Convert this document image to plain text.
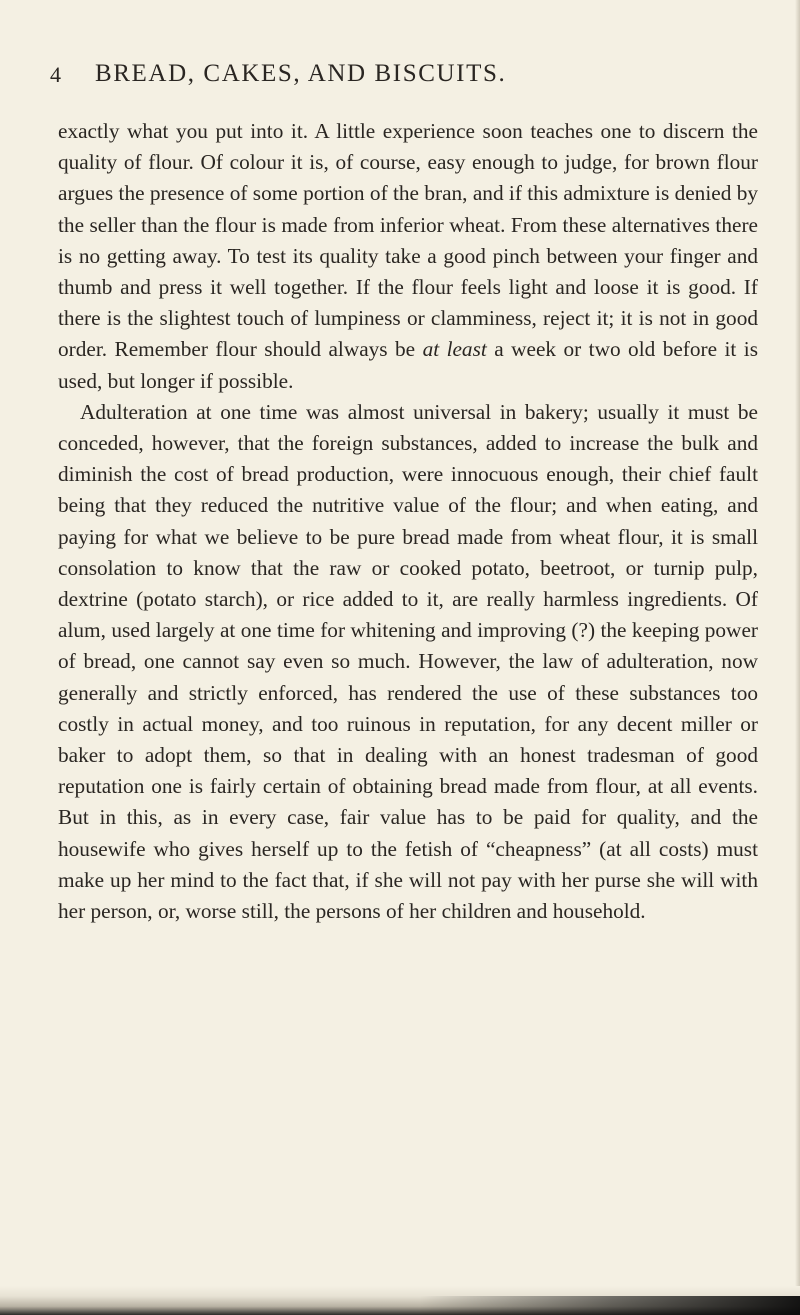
4 BREAD, CAKES, AND BISCUITS.

exactly what you put into it. A little experience soon teaches one to discern the quality of flour. Of colour it is, of course, easy enough to judge, for brown flour argues the presence of some portion of the bran, and if this admixture is denied by the seller than the flour is made from inferior wheat. From these alternatives there is no getting away. To test its quality take a good pinch between your finger and thumb and press it well together. If the flour feels light and loose it is good. If there is the slightest touch of lumpiness or clamminess, reject it; it is not in good order. Remember flour should always be at least a week or two old before it is used, but longer if possible.

Adulteration at one time was almost universal in bakery; usually it must be conceded, however, that the foreign substances, added to increase the bulk and diminish the cost of bread production, were innocuous enough, their chief fault being that they reduced the nutritive value of the flour; and when eating, and paying for what we believe to be pure bread made from wheat flour, it is small consolation to know that the raw or cooked potato, beetroot, or turnip pulp, dextrine (potato starch), or rice added to it, are really harmless ingredients. Of alum, used largely at one time for whitening and improving (?) the keeping power of bread, one cannot say even so much. However, the law of adulteration, now generally and strictly enforced, has rendered the use of these substances too costly in actual money, and too ruinous in reputation, for any decent miller or baker to adopt them, so that in dealing with an honest tradesman of good reputation one is fairly certain of obtaining bread made from flour, at all events. But in this, as in every case, fair value has to be paid for quality, and the housewife who gives herself up to the fetish of “cheapness” (at all costs) must make up her mind to the fact that, if she will not pay with her purse she will with her person, or, worse still, the persons of her children and household.
